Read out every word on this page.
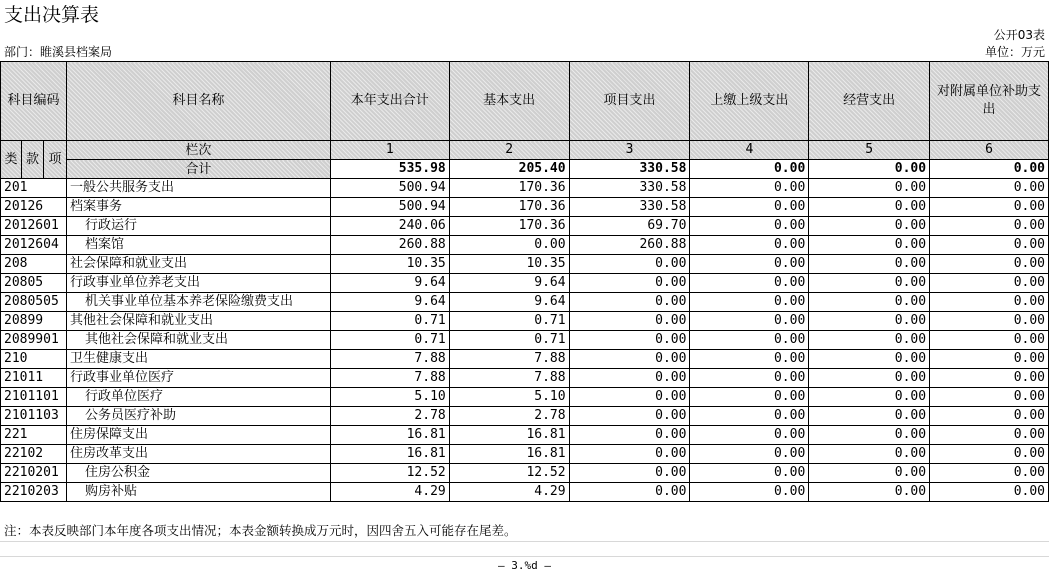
支出决算表
公开03表
部门：睢溪县档案局	单位：万元
科目编码			科目名称	本年支出合计	基本支出	项目支出	上缴上级支出	经营支出	对附属单位补助支出
类	款	项	栏次	1	2	3	4	5	6
			合计	535.98	205.40	330.58	0.00	0.00	0.00
201			一般公共服务支出	500.94	170.36	330.58	0.00	0.00	0.00
20126			档案事务	500.94	170.36	330.58	0.00	0.00	0.00
2012601			行政运行	240.06	170.36	69.70	0.00	0.00	0.00
2012604			档案馆	260.88	0.00	260.88	0.00	0.00	0.00
208			社会保障和就业支出	10.35	10.35	0.00	0.00	0.00	0.00
20805			行政事业单位养老支出	9.64	9.64	0.00	0.00	0.00	0.00
2080505			机关事业单位基本养老保险缴费支出	9.64	9.64	0.00	0.00	0.00	0.00
20899			其他社会保障和就业支出	0.71	0.71	0.00	0.00	0.00	0.00
2089901			其他社会保障和就业支出	0.71	0.71	0.00	0.00	0.00	0.00
210			卫生健康支出	7.88	7.88	0.00	0.00	0.00	0.00
21011			行政事业单位医疗	7.88	7.88	0.00	0.00	0.00	0.00
2101101			行政单位医疗	5.10	5.10	0.00	0.00	0.00	0.00
2101103			公务员医疗补助	2.78	2.78	0.00	0.00	0.00	0.00
221			住房保障支出	16.81	16.81	0.00	0.00	0.00	0.00
22102			住房改革支出	16.81	16.81	0.00	0.00	0.00	0.00
2210201			住房公积金	12.52	12.52	0.00	0.00	0.00	0.00
2210203			购房补贴	4.29	4.29	0.00	0.00	0.00	0.00
注：本表反映部门本年度各项支出情况；本表金额转换成万元时，因四舍五入可能存在尾差。
— 3.%d —
